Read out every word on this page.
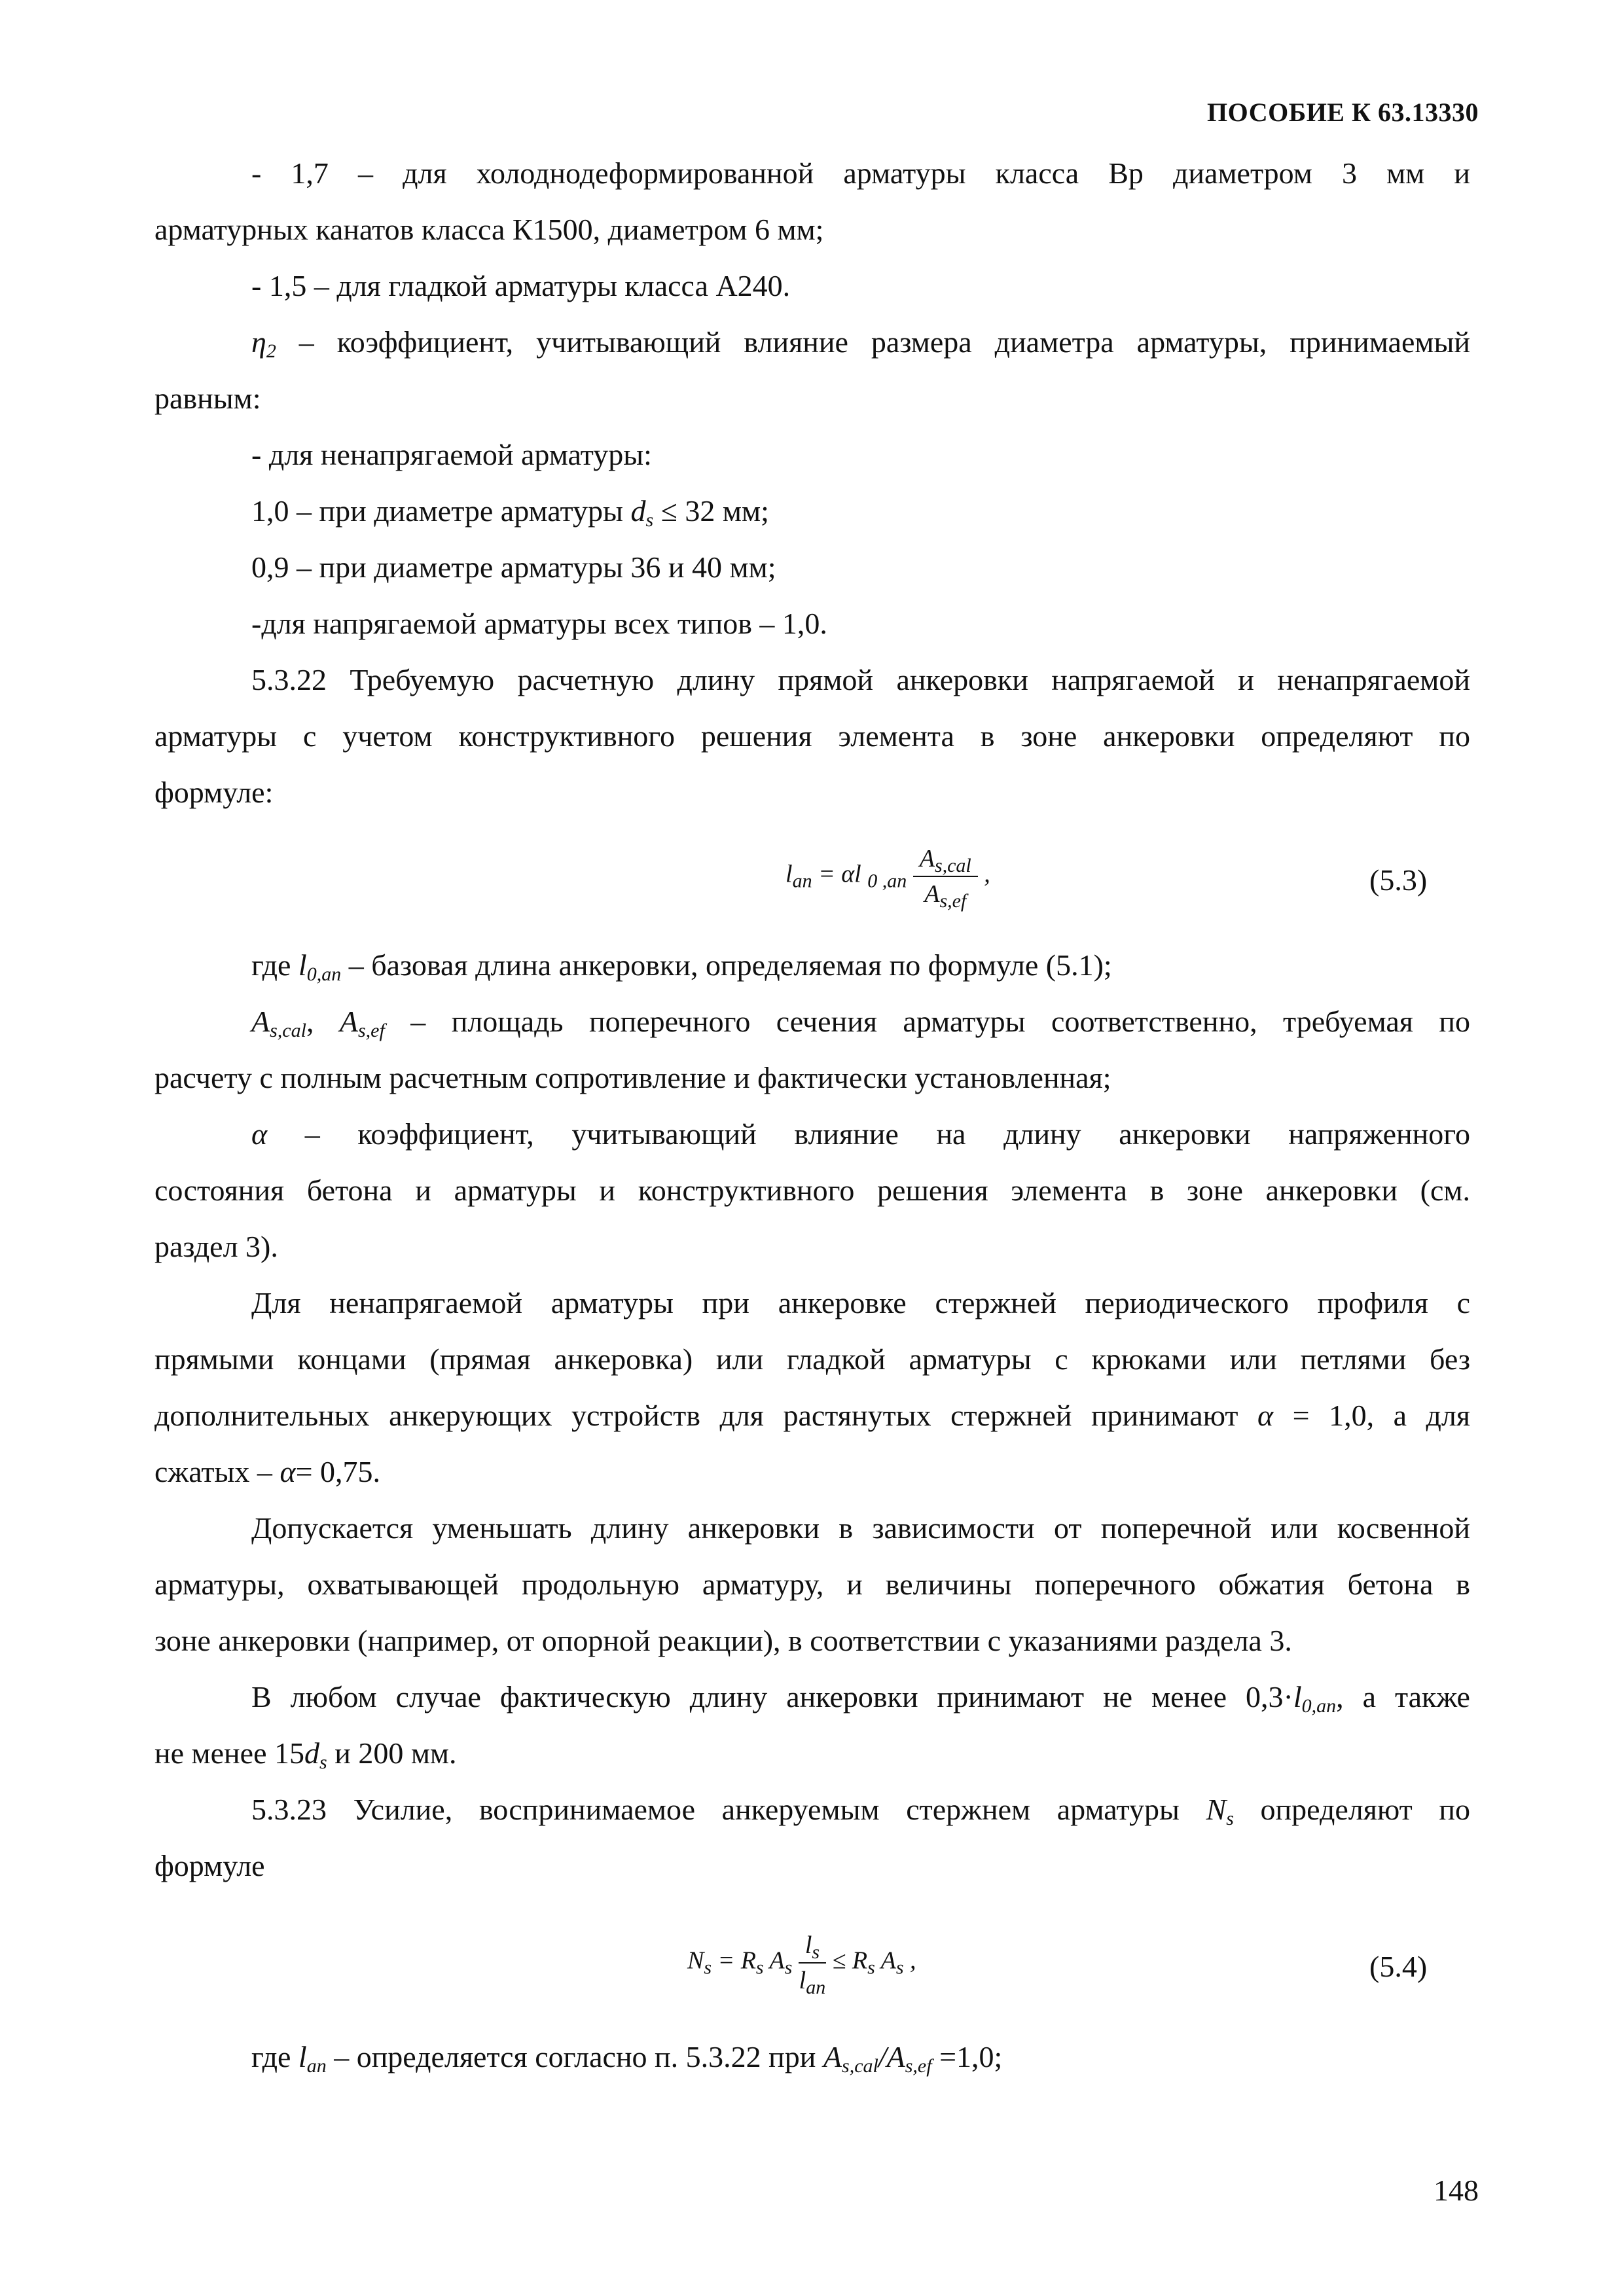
ПОСОБИЕ К 63.13330
- 1,7 – для холоднодеформированной арматуры класса Вр диаметром 3 мм и
арматурных канатов класса К1500, диаметром 6 мм;
- 1,5 – для гладкой арматуры класса А240.
$\eta_2$ – коэффициент, учитывающий влияние размера диаметра арматуры, принимаемый
равным:
- для ненапрягаемой арматуры:
1,0 – при диаметре арматуры $d_s \le 32$ мм;
0,9 – при диаметре арматуры 36 и 40 мм;
-для напрягаемой арматуры всех типов – 1,0.
5.3.22 Требуемую расчетную длину прямой анкеровки напрягаемой и ненапрягаемой
арматуры с учетом конструктивного решения элемента в зоне анкеровки определяют по
формуле:
$l_{an} = \alpha l$ $_{0 ,an} \frac{A_{s,cal}}{A_{s,ef}}$ ,	(5.3)
где $l_{0,an}$ – базовая длина анкеровки, определяемая по формуле (5.1);
$A_{s,cal}$, $A_{s,ef}$ – площадь поперечного сечения арматуры соответственно, требуемая по
расчету с полным расчетным сопротивление и фактически установленная;
α – коэффициент, учитывающий влияние на длину анкеровки напряженного
состояния бетона и арматуры и конструктивного решения элемента в зоне анкеровки (см.
раздел 3).
Для ненапрягаемой арматуры при анкеровке стержней периодического профиля с
прямыми концами (прямая анкеровка) или гладкой арматуры с крюками или петлями без
дополнительных анкерующих устройств для растянутых стержней принимают α = 1,0, а для
сжатых – α= 0,75.
Допускается уменьшать длину анкеровки в зависимости от поперечной или косвенной
арматуры, охватывающей продольную арматуру, и величины поперечного обжатия бетона в
зоне анкеровки (например, от опорной реакции), в соответствии с указаниями раздела 3.
В любом случае фактическую длину анкеровки принимают не менее $0,3\cdot l_{0,an}$, а также
не менее $15d_s$ и 200 мм.
5.3.23 Усилие, воспринимаемое анкеруемым стержнем арматуры $N_s$ определяют по
формуле
$N_s = R_s$ $A_s \frac{l_s}{l_{an}} \le R_s$ $A_s$ ,	(5.4)
где $l_{an}$ – определяется согласно п. 5.3.22 при $A_{s,cal}/A_{s,ef} =1,0$;
148
